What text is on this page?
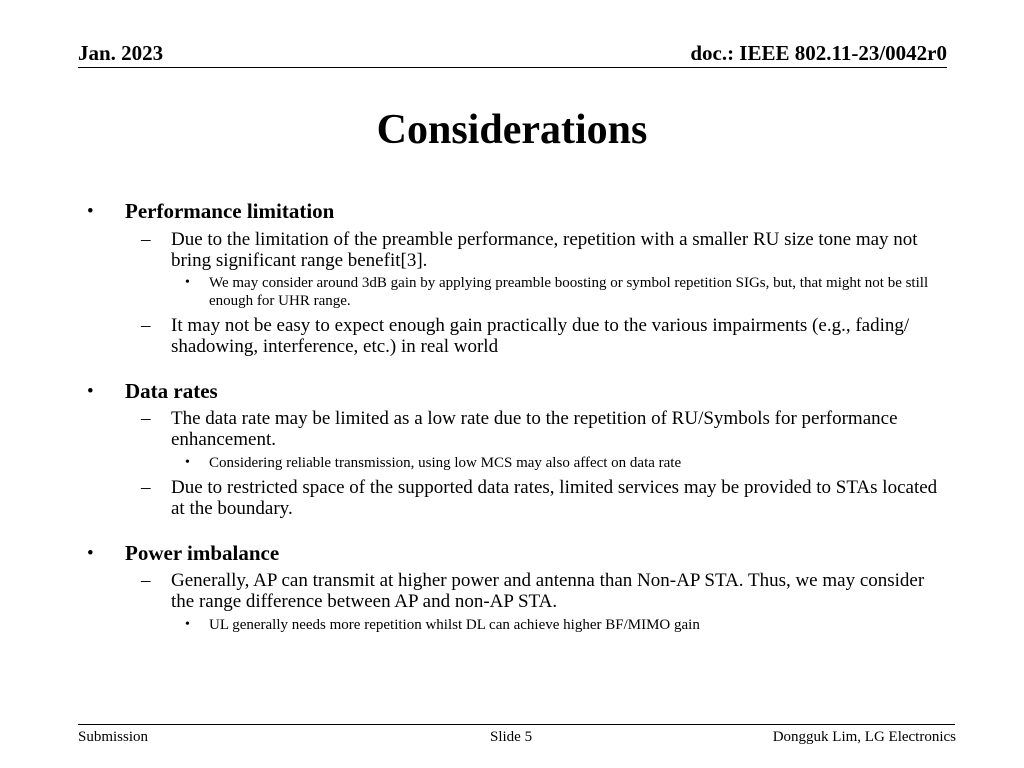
Jan. 2023	doc.: IEEE 802.11-23/0042r0
Considerations
• Performance limitation
– Due to the limitation of the preamble performance, repetition with a smaller RU size tone may not bring significant range benefit[3].
• We may consider around 3dB gain by applying preamble boosting or symbol repetition SIGs, but, that might not be still enough for UHR range.
– It may not be easy to expect enough gain practically due to the various impairments (e.g., fading/ shadowing, interference, etc.) in real world
• Data rates
– The data rate may be limited as a low rate due to the repetition of RU/Symbols for performance enhancement.
• Considering reliable transmission, using low MCS may also affect on data rate
– Due to restricted space of the supported data rates, limited services may be provided to STAs located at the boundary.
• Power imbalance
– Generally, AP can transmit at higher power and antenna than Non-AP STA. Thus, we may consider the range difference between AP and non-AP STA.
• UL generally needs more repetition whilst DL can achieve higher BF/MIMO gain
Submission	Slide 5	Dongguk Lim, LG Electronics
